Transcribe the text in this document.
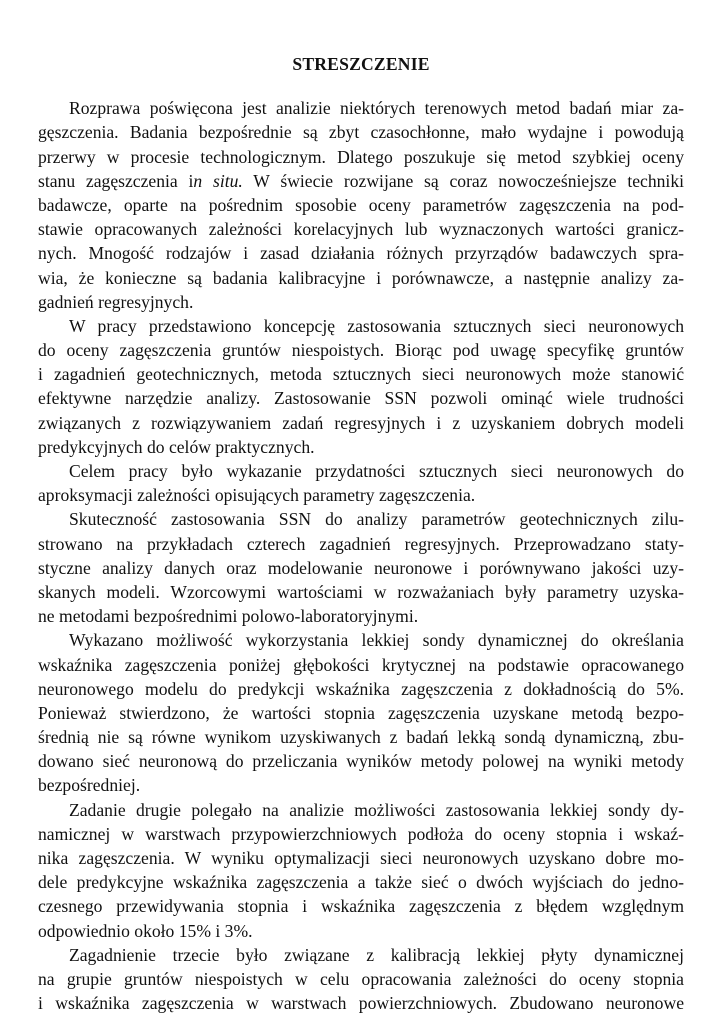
STRESZCZENIE
Rozprawa poświęcona jest analizie niektórych terenowych metod badań miar za-
gęszczenia. Badania bezpośrednie są zbyt czasochłonne, mało wydajne i powodują
przerwy w procesie technologicznym. Dlatego poszukuje się metod szybkiej oceny
stanu zagęszczenia in situ. W świecie rozwijane są coraz nowocześniejsze techniki
badawcze, oparte na pośrednim sposobie oceny parametrów zagęszczenia na pod-
stawie opracowanych zależności korelacyjnych lub wyznaczonych wartości granicz-
nych. Mnogość rodzajów i zasad działania różnych przyrządów badawczych spra-
wia, że konieczne są badania kalibracyjne i porównawcze, a następnie analizy za-
gadnień regresyjnych.
W pracy przedstawiono koncepcję zastosowania sztucznych sieci neuronowych
do oceny zagęszczenia gruntów niespoistych. Biorąc pod uwagę specyfikę gruntów
i zagadnień geotechnicznych, metoda sztucznych sieci neuronowych może stanowić
efektywne narzędzie analizy. Zastosowanie SSN pozwoli ominąć wiele trudności
związanych z rozwiązywaniem zadań regresyjnych i z uzyskaniem dobrych modeli
predykcyjnych do celów praktycznych.
Celem pracy było wykazanie przydatności sztucznych sieci neuronowych do
aproksymacji zależności opisujących parametry zagęszczenia.
Skuteczność zastosowania SSN do analizy parametrów geotechnicznych zilu-
strowano na przykładach czterech zagadnień regresyjnych. Przeprowadzano staty-
styczne analizy danych oraz modelowanie neuronowe i porównywano jakości uzy-
skanych modeli. Wzorcowymi wartościami w rozważaniach były parametry uzyska-
ne metodami bezpośrednimi polowo-laboratoryjnymi.
Wykazano możliwość wykorzystania lekkiej sondy dynamicznej do określania
wskaźnika zagęszczenia poniżej głębokości krytycznej na podstawie opracowanego
neuronowego modelu do predykcji wskaźnika zagęszczenia z dokładnością do 5%.
Ponieważ stwierdzono, że wartości stopnia zagęszczenia uzyskane metodą bezpo-
średnią nie są równe wynikom uzyskiwanych z badań lekką sondą dynamiczną, zbu-
dowano sieć neuronową do przeliczania wyników metody polowej na wyniki metody
bezpośredniej.
Zadanie drugie polegało na analizie możliwości zastosowania lekkiej sondy dy-
namicznej w warstwach przypowierzchniowych podłoża do oceny stopnia i wskaź-
nika zagęszczenia. W wyniku optymalizacji sieci neuronowych uzyskano dobre mo-
dele predykcyjne wskaźnika zagęszczenia a także sieć o dwóch wyjściach do jedno-
czesnego przewidywania stopnia i wskaźnika zagęszczenia z błędem względnym
odpowiednio około 15% i 3%.
Zagadnienie trzecie było związane z kalibracją lekkiej płyty dynamicznej
na grupie gruntów niespoistych w celu opracowania zależności do oceny stopnia
i wskaźnika zagęszczenia w warstwach powierzchniowych. Zbudowano neuronowe
